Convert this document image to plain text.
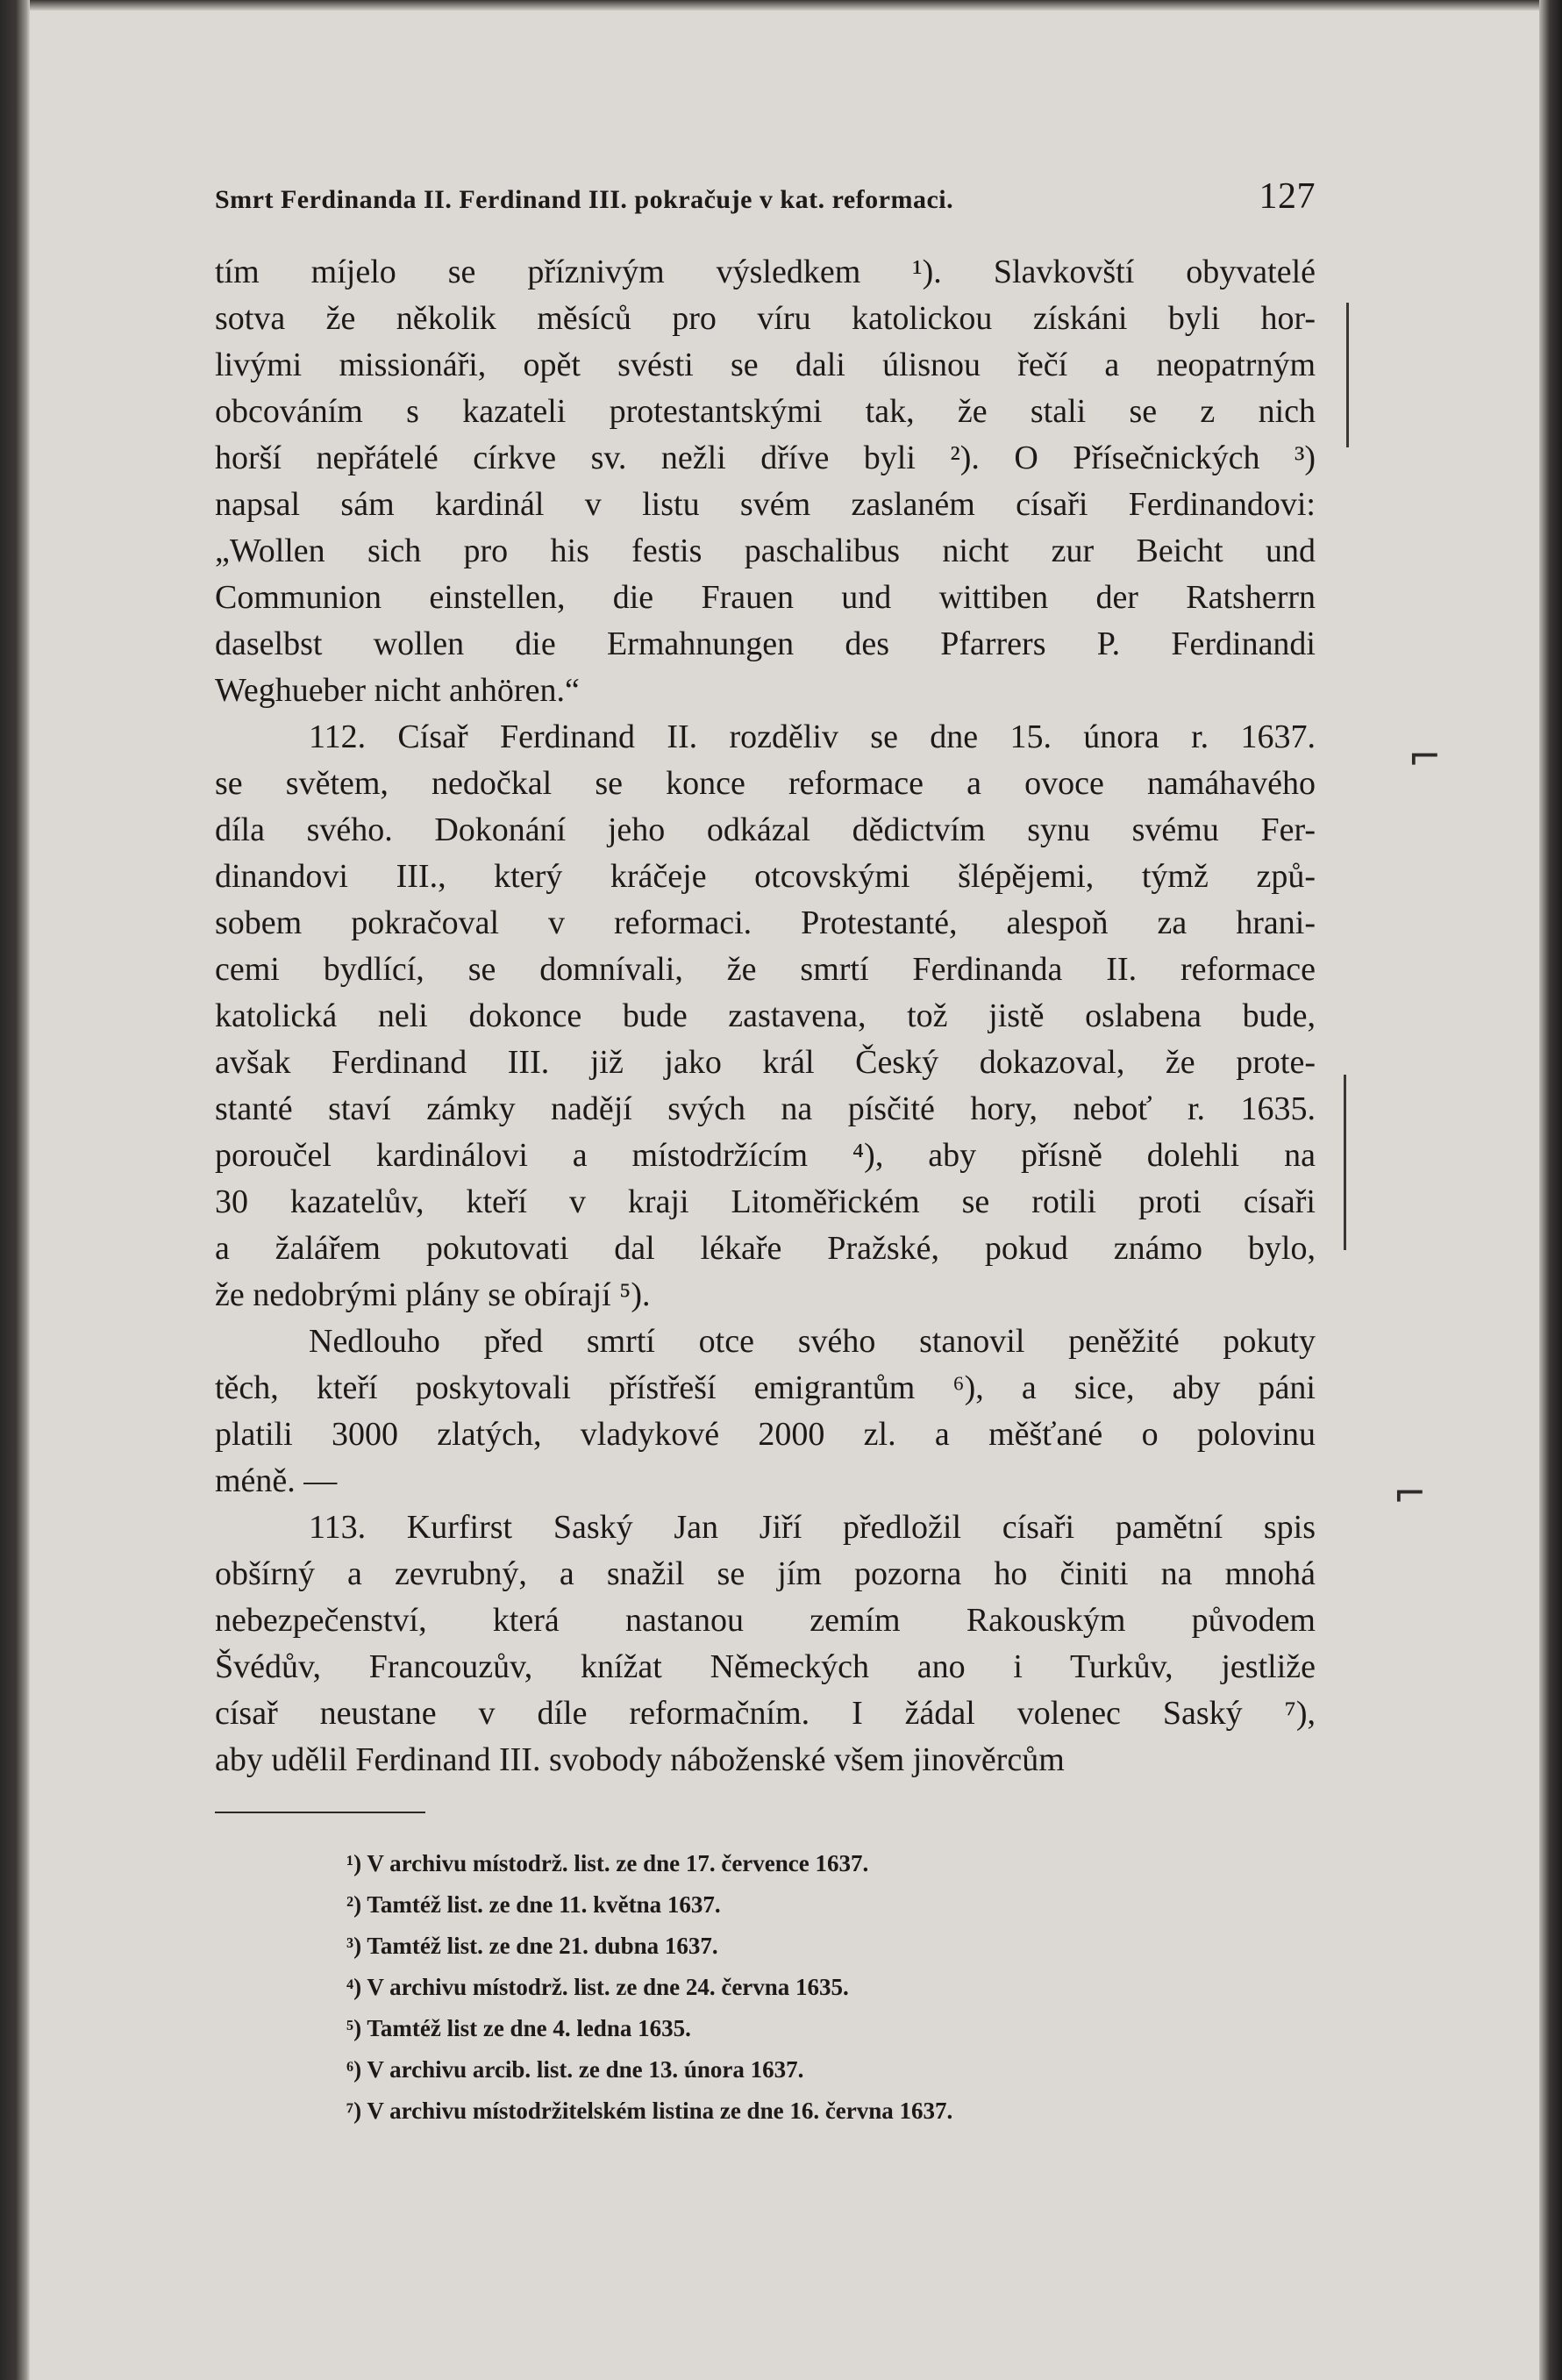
Smrt Ferdinanda II. Ferdinand III. pokračuje v kat. reformaci.	127

tím míjelo se příznivým výsledkem ¹). Slavkovští obyvatelé

sotva že několik měsíců pro víru katolickou získáni byli hor-

livými missionáři, opět svésti se dali úlisnou řečí a neopatrným

obcováním s kazateli protestantskými tak, že stali se z nich

horší nepřátelé církve sv. nežli dříve byli ²). O Přísečnických ³)

napsal sám kardinál v listu svém zaslaném císaři Ferdinandovi:

„Wollen sich pro his festis paschalibus nicht zur Beicht und

Communion einstellen, die Frauen und wittiben der Ratsherrn

daselbst wollen die Ermahnungen des Pfarrers P. Ferdinandi

Weghueber nicht anhören.“

112. Císař Ferdinand II. rozděliv se dne 15. února r. 1637.

se světem, nedočkal se konce reformace a ovoce namáhavého

díla svého. Dokonání jeho odkázal dědictvím synu svému Fer-

dinandovi III., který kráčeje otcovskými šlépějemi, týmž způ-

sobem pokračoval v reformaci. Protestanté, alespoň za hrani-

cemi bydlící, se domnívali, že smrtí Ferdinanda II. reformace

katolická neli dokonce bude zastavena, tož jistě oslabena bude,

avšak Ferdinand III. již jako král Český dokazoval, že prote-

stanté staví zámky nadějí svých na písčité hory, neboť r. 1635.

poroučel kardinálovi a místodržícím ⁴), aby přísně dolehli na

30 kazatelův, kteří v kraji Litoměřickém se rotili proti císaři

a žalářem pokutovati dal lékaře Pražské, pokud známo bylo,

že nedobrými plány se obírají ⁵).

Nedlouho před smrtí otce svého stanovil peněžité pokuty

těch, kteří poskytovali přístřeší emigrantům ⁶), a sice, aby páni

platili 3000 zlatých, vladykové 2000 zl. a měšťané o polovinu

méně. —

113. Kurfirst Saský Jan Jiří předložil císaři pamětní spis

obšírný a zevrubný, a snažil se jím pozorna ho činiti na mnohá

nebezpečenství, která nastanou zemím Rakouským původem

Švédův, Francouzův, knížat Německých ano i Turkův, jestliže

císař neustane v díle reformačním. I žádal volenec Saský ⁷),

aby udělil Ferdinand III. svobody náboženské všem jinověrcům

¹) V archivu místodrž. list. ze dne 17. července 1637.
²) Tamtéž list. ze dne 11. května 1637.
³) Tamtéž list. ze dne 21. dubna 1637.
⁴) V archivu místodrž. list. ze dne 24. června 1635.
⁵) Tamtéž list ze dne 4. ledna 1635.
⁶) V archivu arcib. list. ze dne 13. února 1637.
⁷) V archivu místodržitelském listina ze dne 16. června 1637.
⌐
⌐
